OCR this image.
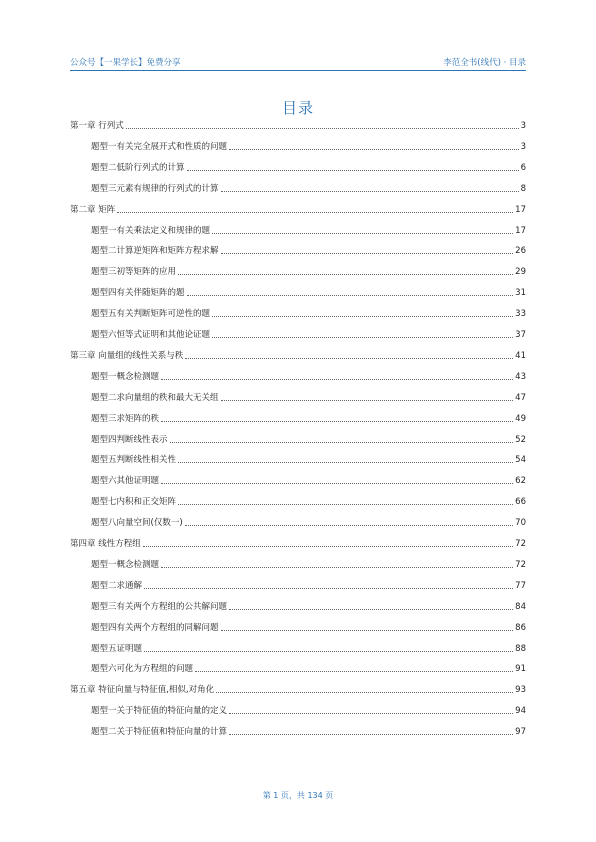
公众号【一果学长】免费分享	李范全书(线代) · 目录
目录
第一章 行列式	3
题型一有关完全展开式和性质的问题	3
题型二低阶行列式的计算	6
题型三元素有规律的行列式的计算	8
第二章 矩阵	17
题型一有关乘法定义和规律的题	17
题型二计算逆矩阵和矩阵方程求解	26
题型三初等矩阵的应用	29
题型四有关伴随矩阵的题	31
题型五有关判断矩阵可逆性的题	33
题型六恒等式证明和其他论证题	37
第三章 向量组的线性关系与秩	41
题型一概念检测题	43
题型二求向量组的秩和最大无关组	47
题型三求矩阵的秩	49
题型四判断线性表示	52
题型五判断线性相关性	54
题型六其他证明题	62
题型七内积和正交矩阵	66
题型八向量空间(仅数一)	70
第四章 线性方程组	72
题型一概念检测题	72
题型二求通解	77
题型三有关两个方程组的公共解问题	84
题型四有关两个方程组的同解问题	86
题型五证明题	88
题型六可化为方程组的问题	91
第五章 特征向量与特征值,相似,对角化	93
题型一关于特征值的特征向量的定义	94
题型二关于特征值和特征向量的计算	97
第 1 页，共 134 页
